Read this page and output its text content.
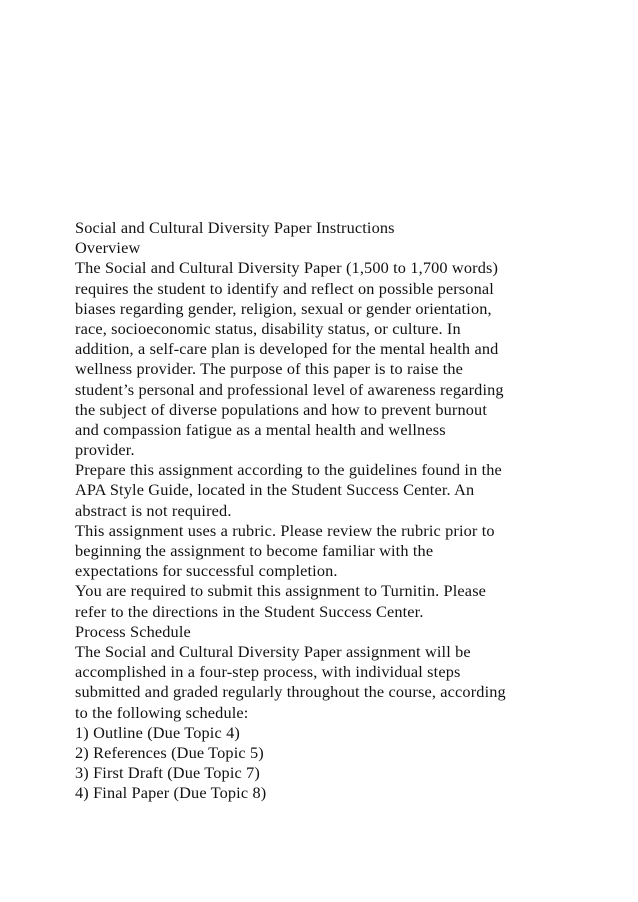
Social and Cultural Diversity Paper Instructions
Overview
The Social and Cultural Diversity Paper (1,500 to 1,700 words)
requires the student to identify and reflect on possible personal
biases regarding gender, religion, sexual or gender orientation,
race, socioeconomic status, disability status, or culture. In
addition, a self-care plan is developed for the mental health and
wellness provider. The purpose of this paper is to raise the
student’s personal and professional level of awareness regarding
the subject of diverse populations and how to prevent burnout
and compassion fatigue as a mental health and wellness
provider.
Prepare this assignment according to the guidelines found in the
APA Style Guide, located in the Student Success Center. An
abstract is not required.
This assignment uses a rubric. Please review the rubric prior to
beginning the assignment to become familiar with the
expectations for successful completion.
You are required to submit this assignment to Turnitin. Please
refer to the directions in the Student Success Center.
Process Schedule
The Social and Cultural Diversity Paper assignment will be
accomplished in a four-step process, with individual steps
submitted and graded regularly throughout the course, according
to the following schedule:
1) Outline (Due Topic 4)
2) References (Due Topic 5)
3) First Draft (Due Topic 7)
4) Final Paper (Due Topic 8)
